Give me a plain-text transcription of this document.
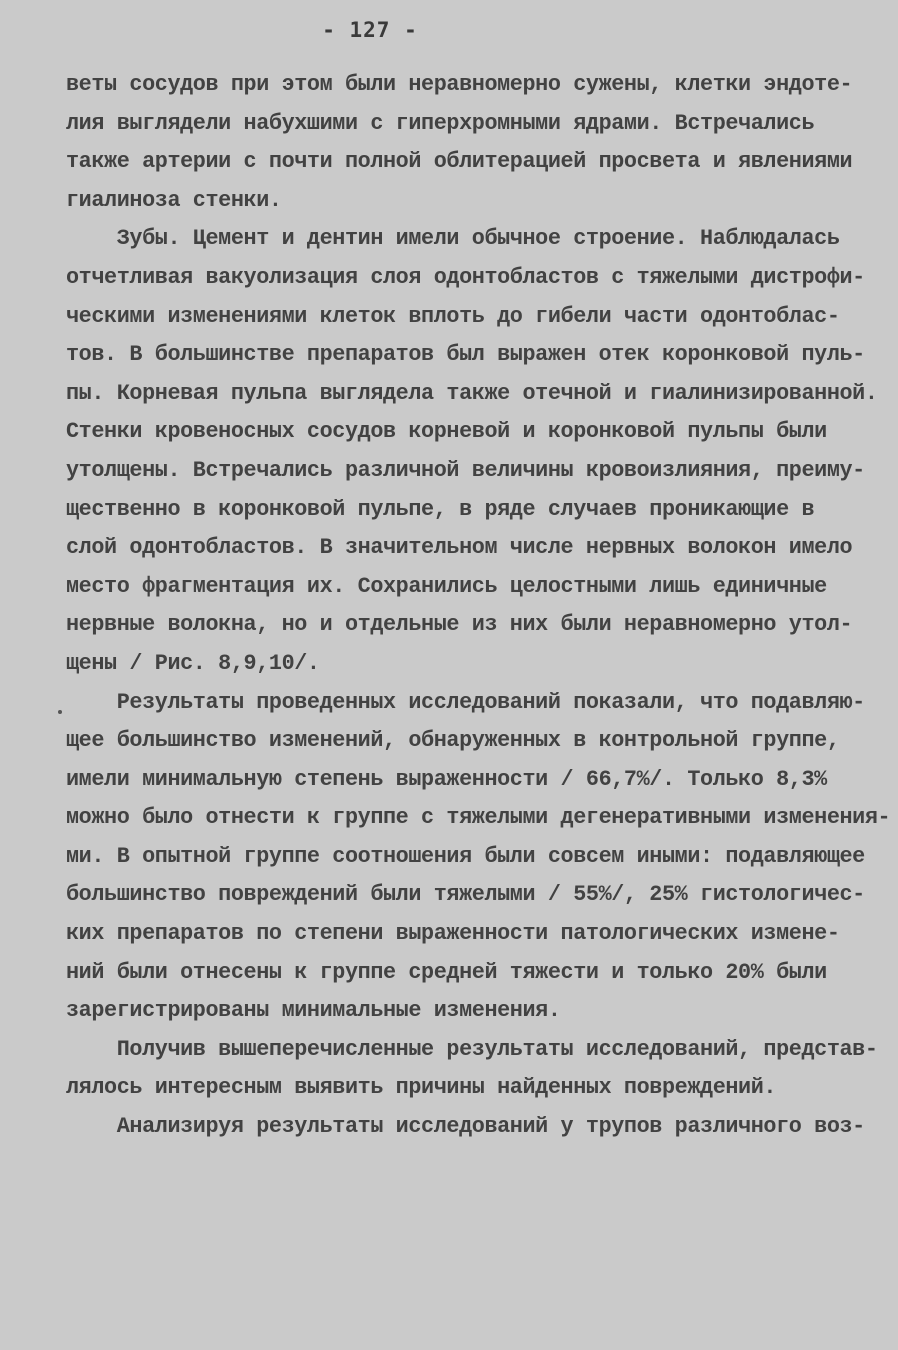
- 127 -
веты сосудов при этом были неравномерно сужены, клетки эндоте-
лия выглядели набухшими с гиперхромными ядрами. Встречались
также артерии с почти полной облитерацией просвета и явлениями
гиалиноза стенки.
Зубы. Цемент и дентин имели обычное строение. Наблюдалась
отчетливая вакуолизация слоя одонтобластов с тяжелыми дистрофи-
ческими изменениями клеток вплоть до гибели части одонтоблас-
тов. В большинстве препаратов был выражен отек коронковой пуль-
пы. Корневая пульпа выглядела также отечной и гиалинизированной.
Стенки кровеносных сосудов корневой и коронковой пульпы были
утолщены. Встречались различной величины кровоизлияния, преиму-
щественно в коронковой пульпе, в ряде случаев проникающие в
слой одонтобластов. В значительном числе нервных волокон имело
место фрагментация их. Сохранились целостными лишь единичные
нервные волокна, но и отдельные из них были неравномерно утол-
щены / Рис. 8,9,10/.
Результаты проведенных исследований показали, что подавляю-
щее большинство изменений, обнаруженных в контрольной группе,
имели минимальную степень выраженности / 66,7%/. Только 8,3%
можно было отнести к группе с тяжелыми дегенеративными изменения-
ми. В опытной группе соотношения были совсем иными: подавляющее
большинство повреждений были тяжелыми / 55%/, 25% гистологичес-
ких препаратов по степени выраженности патологических измене-
ний были отнесены к группе средней тяжести и только 20% были
зарегистрированы минимальные изменения.
Получив вышеперечисленные результаты исследований, представ-
лялось интересным выявить причины найденных повреждений.
Анализируя результаты исследований у трупов различного воз-
